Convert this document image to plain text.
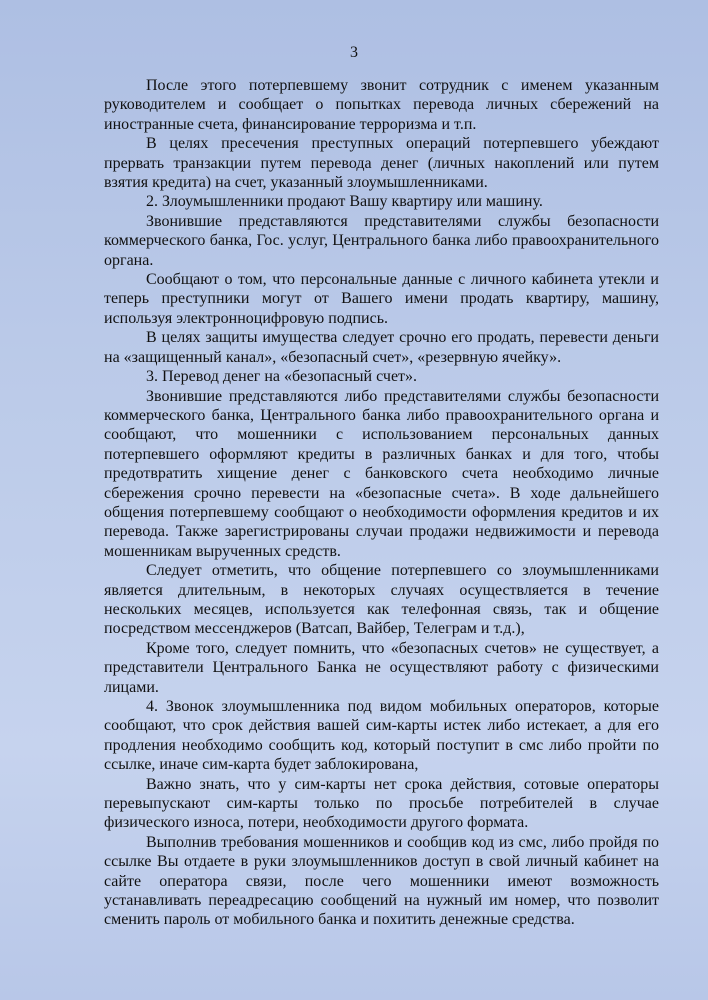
3

После этого потерпевшему звонит сотрудник с именем указанным руководителем и сообщает о попытках перевода личных сбережений на иностранные счета, финансирование терроризма и т.п.

В целях пресечения преступных операций потерпевшего убеждают прервать транзакции путем перевода денег (личных накоплений или путем взятия кредита) на счет, указанный злоумышленниками.

2. Злоумышленники продают Вашу квартиру или машину.

Звонившие представляются представителями службы безопасности коммерческого банка, Гос. услуг, Центрального банка либо правоохранительного органа.

Сообщают о том, что персональные данные с личного кабинета утекли и теперь преступники могут от Вашего имени продать квартиру, машину, используя электронноцифровую подпись.

В целях защиты имущества следует срочно его продать, перевести деньги на «защищенный канал», «безопасный счет», «резервную ячейку».

3. Перевод денег на «безопасный счет».

Звонившие представляются либо представителями службы безопасности коммерческого банка, Центрального банка либо правоохранительного органа и сообщают, что мошенники с использованием персональных данных потерпевшего оформляют кредиты в различных банках и для того, чтобы предотвратить хищение денег с банковского счета необходимо личные сбережения срочно перевести на «безопасные счета». В ходе дальнейшего общения потерпевшему сообщают о необходимости оформления кредитов и их перевода. Также зарегистрированы случаи продажи недвижимости и перевода мошенникам вырученных средств.

Следует отметить, что общение потерпевшего со злоумышленниками является длительным, в некоторых случаях осуществляется в течение нескольких месяцев, используется как телефонная связь, так и общение посредством мессенджеров (Ватсап, Вайбер, Телеграм и т.д.),

Кроме того, следует помнить, что «безопасных счетов» не существует, а представители Центрального Банка не осуществляют работу с физическими лицами.

4. Звонок злоумышленника под видом мобильных операторов, которые сообщают, что срок действия вашей сим-карты истек либо истекает, а для его продления необходимо сообщить код, который поступит в смс либо пройти по ссылке, иначе сим-карта будет заблокирована,

Важно знать, что у сим-карты нет срока действия, сотовые операторы перевыпускают сим-карты только по просьбе потребителей в случае физического износа, потери, необходимости другого формата.

Выполнив требования мошенников и сообщив код из смс, либо пройдя по ссылке Вы отдаете в руки злоумышленников доступ в свой личный кабинет на сайте оператора связи, после чего мошенники имеют возможность устанавливать переадресацию сообщений на нужный им номер, что позволит сменить пароль от мобильного банка и похитить денежные средства.
